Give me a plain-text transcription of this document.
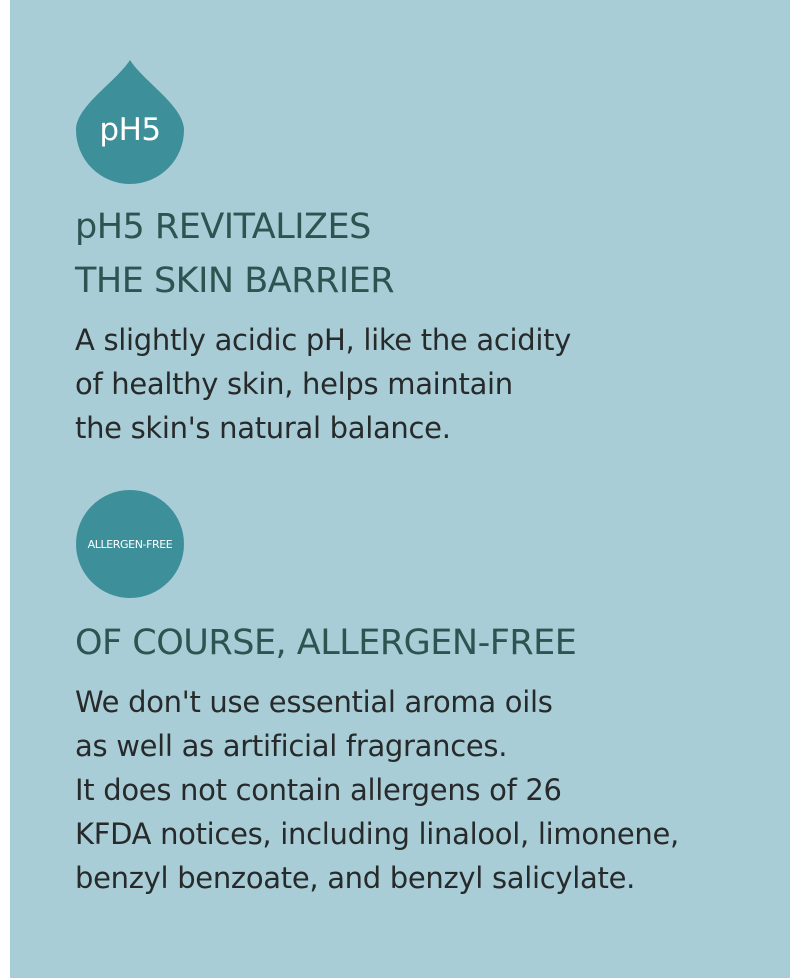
pH5
pH5 REVITALIZES
THE SKIN BARRIER

A slightly acidic pH, like the acidity
of healthy skin, helps maintain
the skin's natural balance.

ALLERGEN-FREE
OF COURSE, ALLERGEN-FREE

We don't use essential aroma oils
as well as artificial fragrances.
It does not contain allergens of 26
KFDA notices, including linalool, limonene,
benzyl benzoate, and benzyl salicylate.
